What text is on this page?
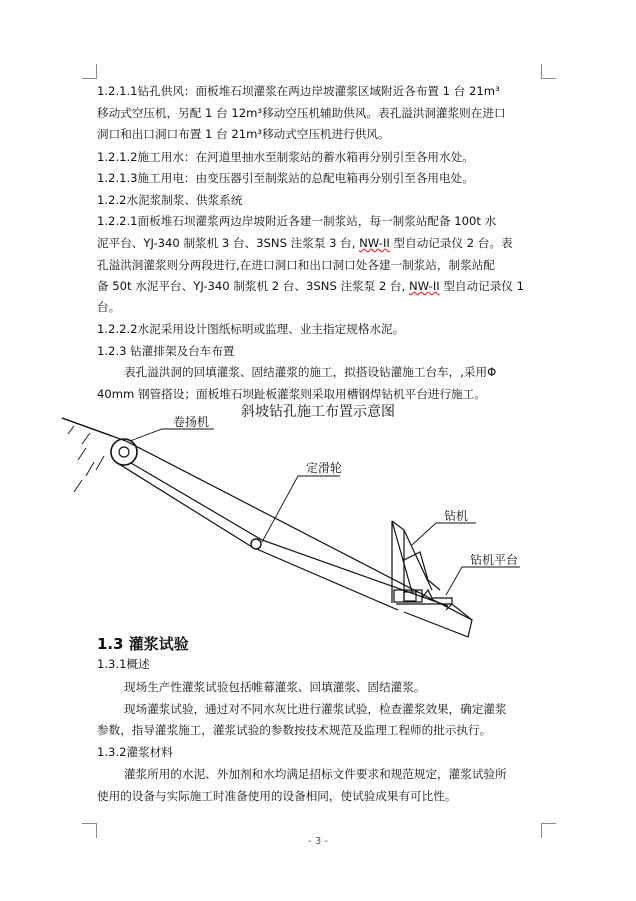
1.2.1.1钻孔供风：面板堆石坝灌浆在两边岸坡灌浆区域附近各布置 1 台 21m³
移动式空压机，另配 1 台 12m³移动空压机辅助供风。表孔溢洪洞灌浆则在进口
洞口和出口洞口布置 1 台 21m³移动式空压机进行供风。
1.2.1.2施工用水：在河道里抽水至制浆站的蓄水箱再分别引至各用水处。
1.2.1.3施工用电：由变压器引至制浆站的总配电箱再分别引至各用电处。
1.2.2水泥浆制浆、供浆系统
1.2.2.1面板堆石坝灌浆两边岸坡附近各建一制浆站，每一制浆站配备 100t 水
泥平台、YJ-340 制浆机 3 台、3SNS 注浆泵 3 台, NW-II 型自动记录仪 2 台。表
孔溢洪洞灌浆则分两段进行,在进口洞口和出口洞口处各建一制浆站，制浆站配
备 50t 水泥平台、YJ-340 制浆机 2 台、3SNS 注浆泵 2 台, NW-II 型自动记录仪 1
台。
1.2.2.2水泥采用设计图纸标明或监理、业主指定规格水泥。
1.2.3 钻灌排架及台车布置
表孔溢洪洞的回填灌浆、固结灌浆的施工，拟搭设钻灌施工台车，,采用Φ
40mm 钢管搭设；面板堆石坝趾板灌浆则采取用槽钢焊钻机平台进行施工。
斜坡钻孔施工布置示意图
卷扬机
定滑轮
钻机
钻机平台
1.3 灌浆试验
1.3.1概述
现场生产性灌浆试验包括帷幕灌浆、回填灌浆、固结灌浆。
现场灌浆试验，通过对不同水灰比进行灌浆试验，检查灌浆效果，确定灌浆
参数，指导灌浆施工，灌浆试验的参数按技术规范及监理工程师的批示执行。
1.3.2灌浆材料
灌浆所用的水泥、外加剂和水均满足招标文件要求和规范规定，灌浆试验所
使用的设备与实际施工时准备使用的设备相同，使试验成果有可比性。
- 3 -
